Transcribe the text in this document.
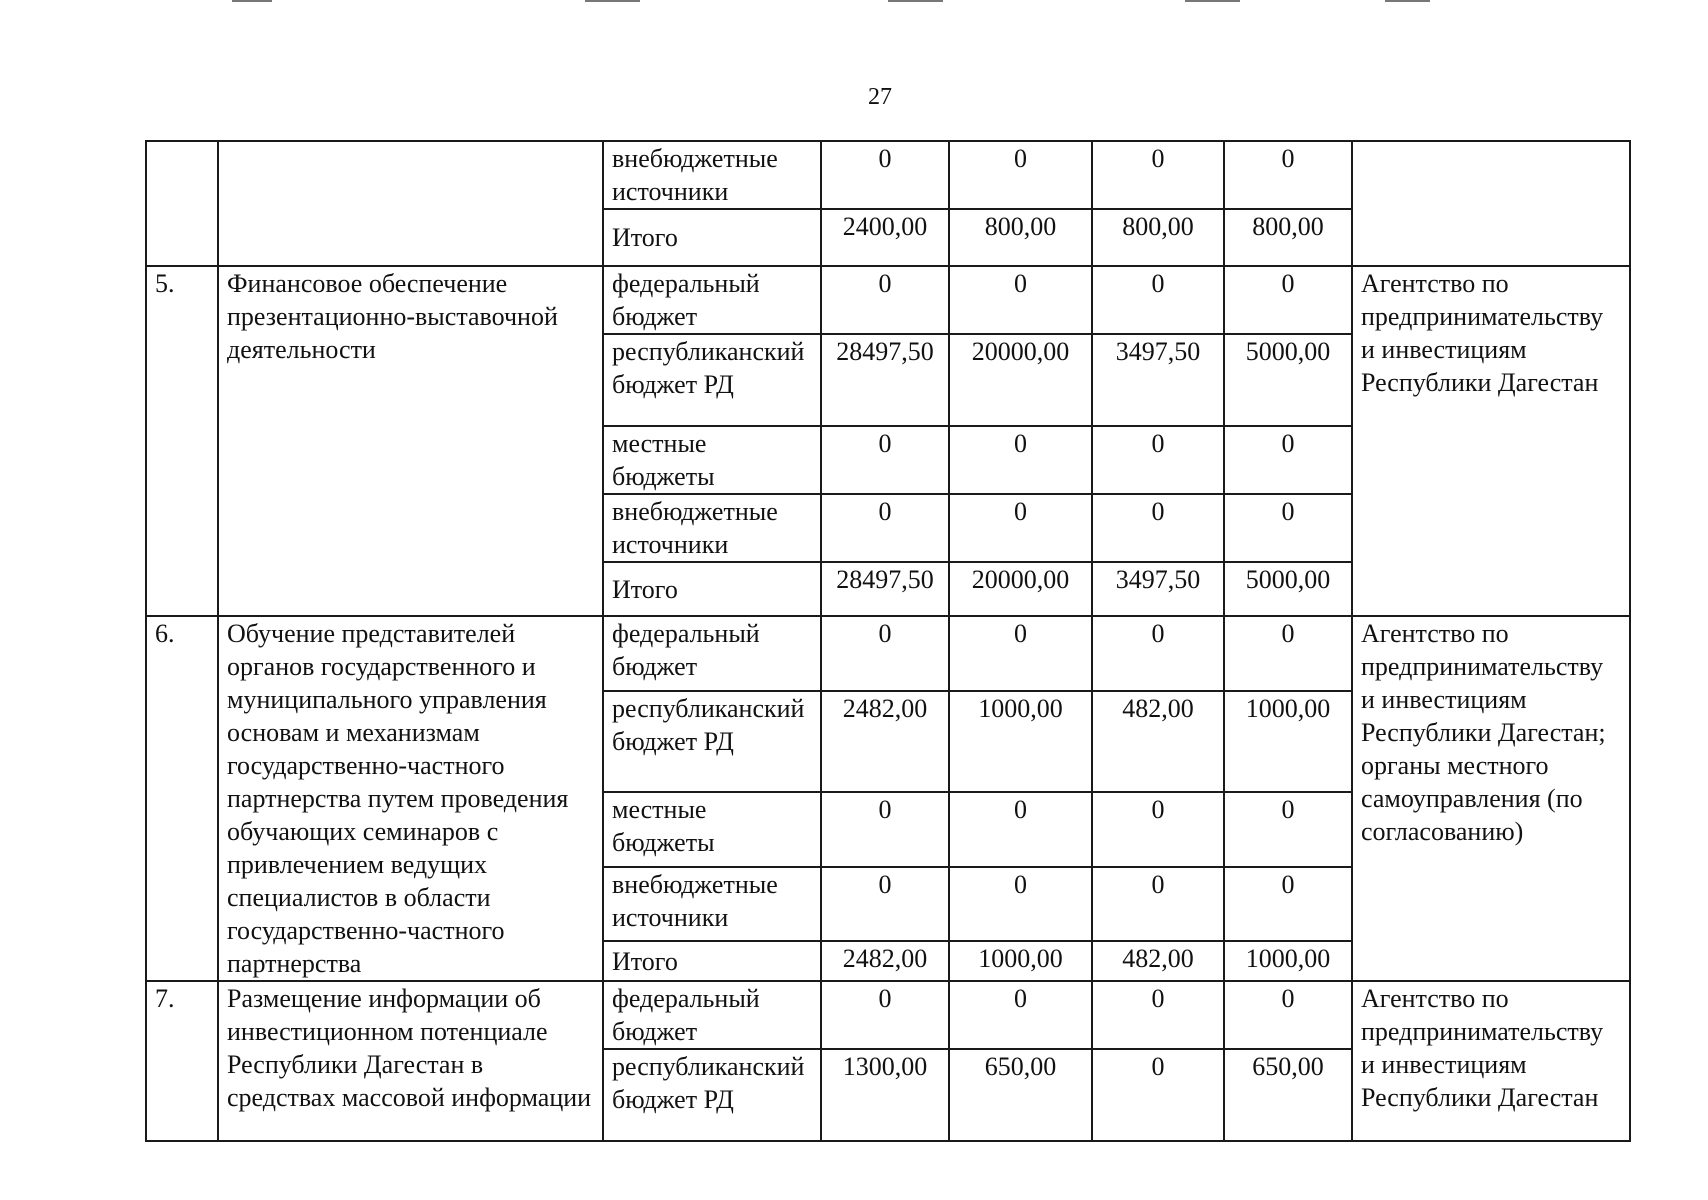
27
		внебюджетные источники	0	0	0	0	
		Итого	2400,00	800,00	800,00	800,00	
5.	Финансовое обеспечение презентационно-выставочной деятельности	федеральный бюджет	0	0	0	0	Агентство по предпринимательству и инвестициям Республики Дагестан
		республиканский бюджет РД	28497,50	20000,00	3497,50	5000,00	
		местные бюджеты	0	0	0	0	
		внебюджетные источники	0	0	0	0	
		Итого	28497,50	20000,00	3497,50	5000,00	
6.	Обучение представителей органов государственного и муниципального управления основам и механизмам государственно-частного партнерства путем проведения обучающих семинаров с привлечением ведущих специалистов в области государственно-частного партнерства	федеральный бюджет	0	0	0	0	Агентство по предпринимательству и инвестициям Республики Дагестан; органы местного самоуправления (по согласованию)
		республиканский бюджет РД	2482,00	1000,00	482,00	1000,00	
		местные бюджеты	0	0	0	0	
		внебюджетные источники	0	0	0	0	
		Итого	2482,00	1000,00	482,00	1000,00	
7.	Размещение информации об инвестиционном потенциале Республики Дагестан в средствах массовой информации	федеральный бюджет	0	0	0	0	Агентство по предпринимательству и инвестициям Республики Дагестан
		республиканский бюджет РД	1300,00	650,00	0	650,00	
